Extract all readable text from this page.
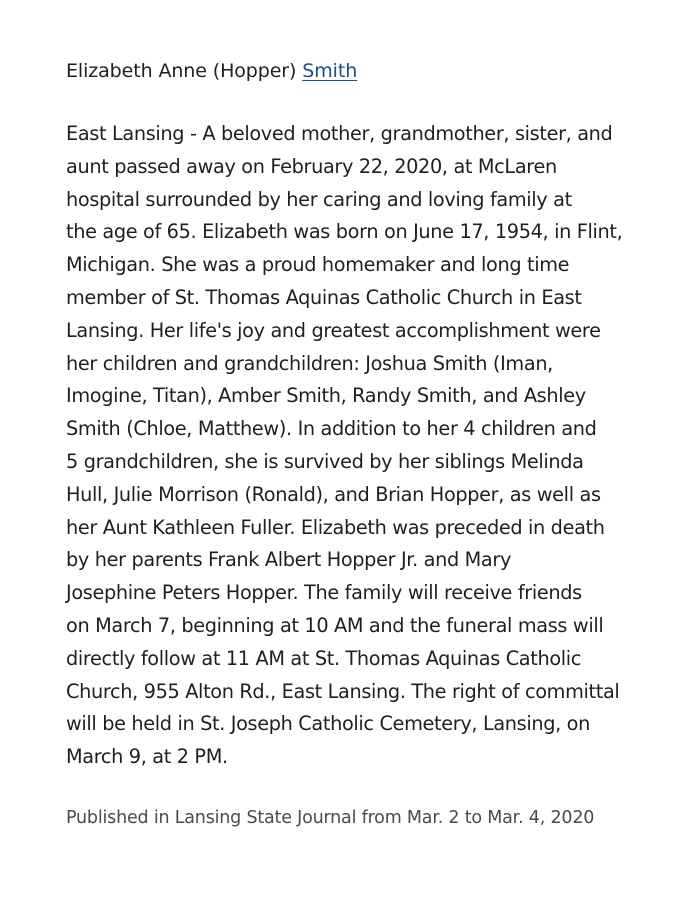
Elizabeth Anne (Hopper) Smith
East Lansing - A beloved mother, grandmother, sister, and
aunt passed away on February 22, 2020, at McLaren
hospital surrounded by her caring and loving family at
the age of 65. Elizabeth was born on June 17, 1954, in Flint,
Michigan. She was a proud homemaker and long time
member of St. Thomas Aquinas Catholic Church in East
Lansing. Her life's joy and greatest accomplishment were
her children and grandchildren: Joshua Smith (Iman,
Imogine, Titan), Amber Smith, Randy Smith, and Ashley
Smith (Chloe, Matthew). In addition to her 4 children and
5 grandchildren, she is survived by her siblings Melinda
Hull, Julie Morrison (Ronald), and Brian Hopper, as well as
her Aunt Kathleen Fuller. Elizabeth was preceded in death
by her parents Frank Albert Hopper Jr. and Mary
Josephine Peters Hopper. The family will receive friends
on March 7, beginning at 10 AM and the funeral mass will
directly follow at 11 AM at St. Thomas Aquinas Catholic
Church, 955 Alton Rd., East Lansing. The right of committal
will be held in St. Joseph Catholic Cemetery, Lansing, on
March 9, at 2 PM.
Published in Lansing State Journal from Mar. 2 to Mar. 4, 2020
